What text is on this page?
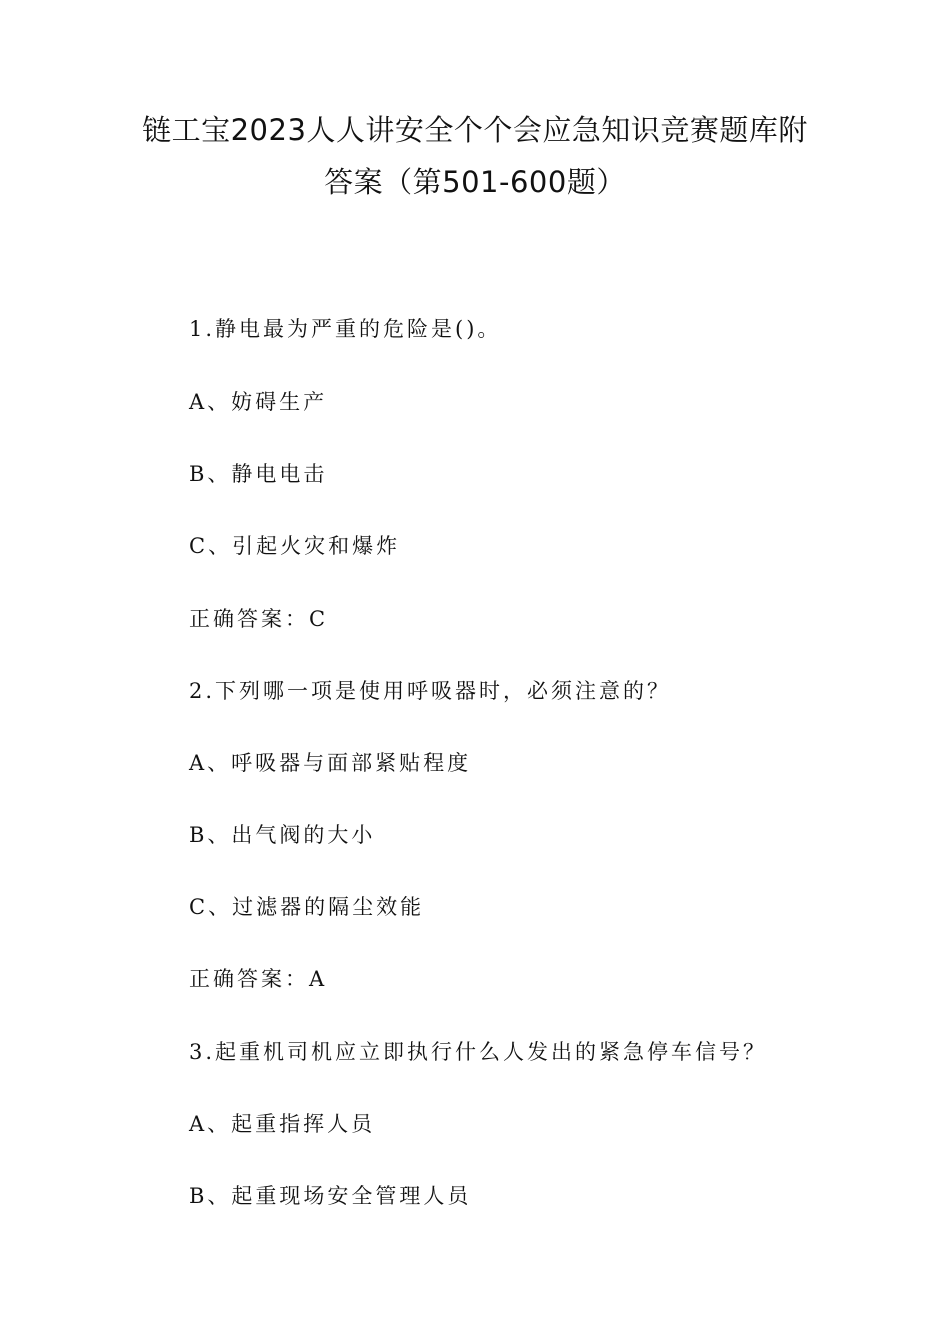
链工宝2023人人讲安全个个会应急知识竞赛题库附
答案（第501-600题）
1.静电最为严重的危险是()。
A、妨碍生产
B、静电电击
C、引起火灾和爆炸
正确答案：C
2.下列哪一项是使用呼吸器时，必须注意的？
A、呼吸器与面部紧贴程度
B、出气阀的大小
C、过滤器的隔尘效能
正确答案：A
3.起重机司机应立即执行什么人发出的紧急停车信号？
A、起重指挥人员
B、起重现场安全管理人员
